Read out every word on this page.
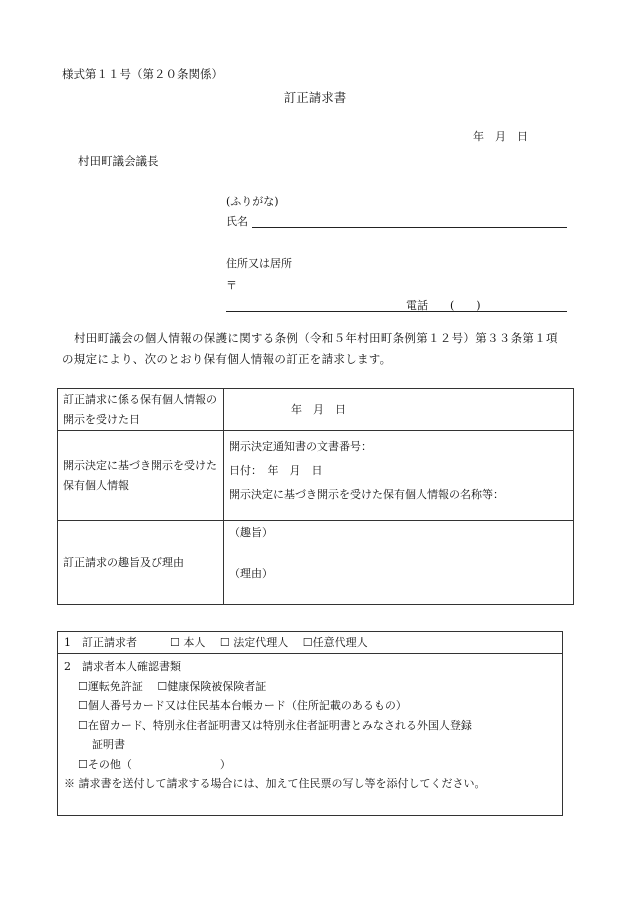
様式第１１号（第２０条関係）
訂正請求書
年　月　日
村田町議会議長
(ふりがな)
氏名
住所又は居所
〒
電話　　(　　)
村田町議会の個人情報の保護に関する条例（令和５年村田町条例第１２号）第３３条第１項の規定により、次のとおり保有個人情報の訂正を請求します。
訂正請求に係る保有個人情報の開示を受けた日	年　月　日
開示決定に基づき開示を受けた保有個人情報	開示決定通知書の文書番号：
日付：　年　月　日
開示決定に基づき開示を受けた保有個人情報の名称等：

訂正請求の趣旨及び理由	（趣旨）
（理由）
1　訂正請求者　　　☐ 本人　 ☐ 法定代理人　 ☐任意代理人
2　請求者本人確認書類
☐運転免許証　 ☐健康保険被保険者証
☐個人番号カード又は住民基本台帳カード（住所記載のあるもの）
☐在留カード、特別永住者証明書又は特別永住者証明書とみなされる外国人登録
証明書
☐その他（　　　　　　　　）
※ 請求書を送付して請求する場合には、加えて住民票の写し等を添付してください。
